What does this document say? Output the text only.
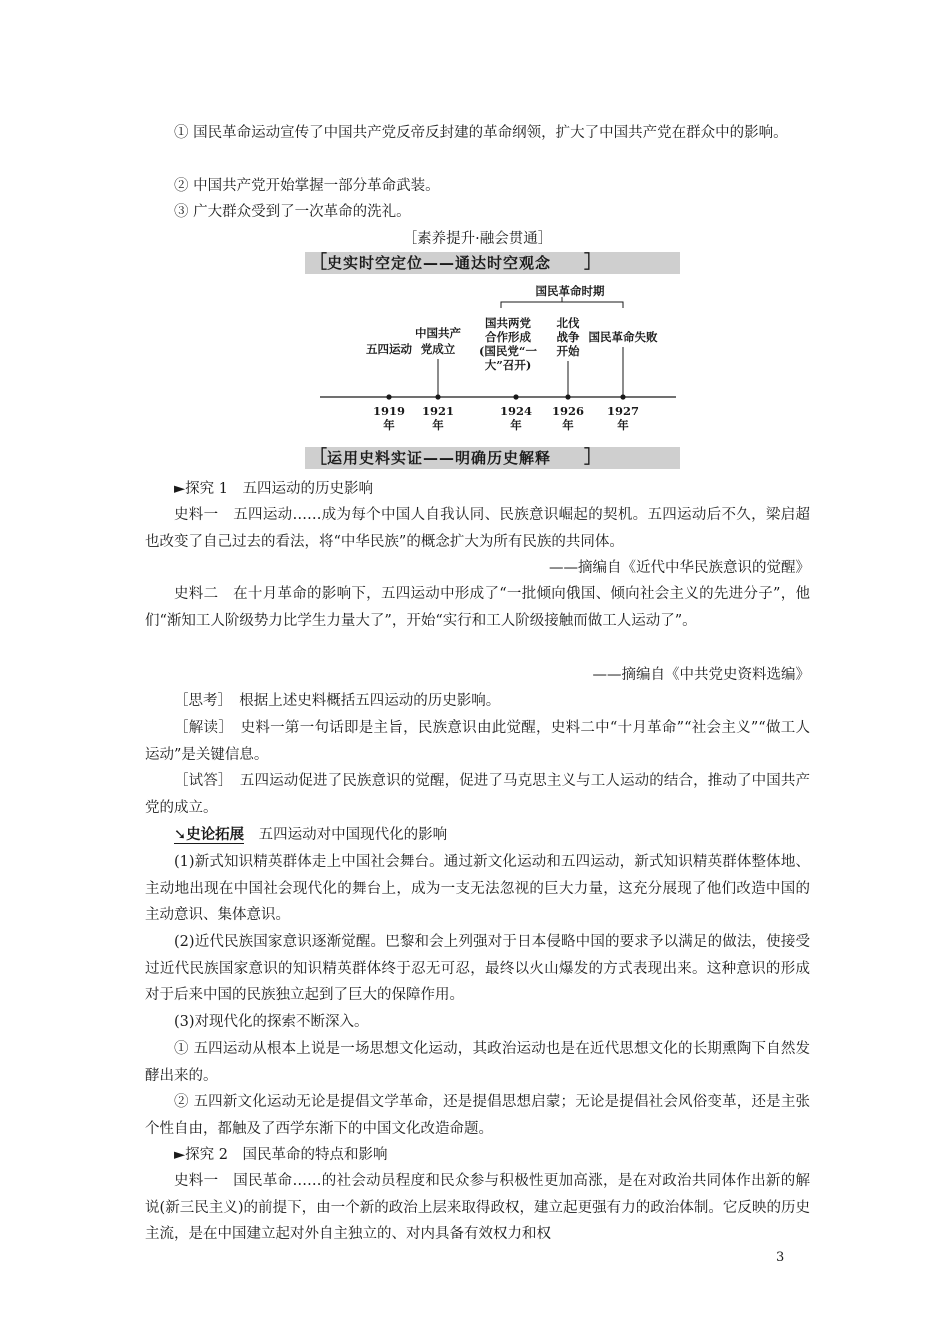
① 国民革命运动宣传了中国共产党反帝反封建的革命纲领，扩大了中国共产党在群众中的影响。

② 中国共产党开始掌握一部分革命武装。

③ 广大群众受到了一次革命的洗礼。

［素养提升·融会贯通］

［ 史实时空定位——通达时空观念 ］
国民革命时期
五四运动
中国共产
党成立
国共两党
合作形成
(国民党“一
大”召开)
北伐
战争
开始
国民革命失败
1919
年
1921
年
1924
年
1926
年
1927
年
［ 运用史料实证——明确历史解释 ］

►探究 1　五四运动的历史影响

史料一　五四运动……成为每个中国人自我认同、民族意识崛起的契机。五四运动后不久，梁启超也改变了自己过去的看法，将“中华民族”的概念扩大为所有民族的共同体。

——摘编自《近代中华民族意识的觉醒》

史料二　在十月革命的影响下，五四运动中形成了“一批倾向俄国、倾向社会主义的先进分子”，他们“渐知工人阶级势力比学生力量大了”，开始“实行和工人阶级接触而做工人运动了”。

——摘编自《中共党史资料选编》

［思考］　根据上述史料概括五四运动的历史影响。

［解读］　史料一第一句话即是主旨，民族意识由此觉醒，史料二中“十月革命”“社会主义”“做工人运动”是关键信息。

［试答］　五四运动促进了民族意识的觉醒，促进了马克思主义与工人运动的结合，推动了中国共产党的成立。

➘史论拓展　 五四运动对中国现代化的影响

(1)新式知识精英群体走上中国社会舞台。通过新文化运动和五四运动，新式知识精英群体整体地、主动地出现在中国社会现代化的舞台上，成为一支无法忽视的巨大力量，这充分展现了他们改造中国的主动意识、集体意识。

(2)近代民族国家意识逐渐觉醒。巴黎和会上列强对于日本侵略中国的要求予以满足的做法，使接受过近代民族国家意识的知识精英群体终于忍无可忍，最终以火山爆发的方式表现出来。这种意识的形成对于后来中国的民族独立起到了巨大的保障作用。

(3)对现代化的探索不断深入。

① 五四运动从根本上说是一场思想文化运动，其政治运动也是在近代思想文化的长期熏陶下自然发酵出来的。

② 五四新文化运动无论是提倡文学革命，还是提倡思想启蒙；无论是提倡社会风俗变革，还是主张个性自由，都触及了西学东渐下的中国文化改造命题。

►探究 2　国民革命的特点和影响

史料一　国民革命……的社会动员程度和民众参与积极性更加高涨，是在对政治共同体作出新的解说(新三民主义)的前提下，由一个新的政治上层来取得政权，建立起更强有力的政治体制。它反映的历史主流，是在中国建立起对外自主独立的、对内具备有效权力和权

3
